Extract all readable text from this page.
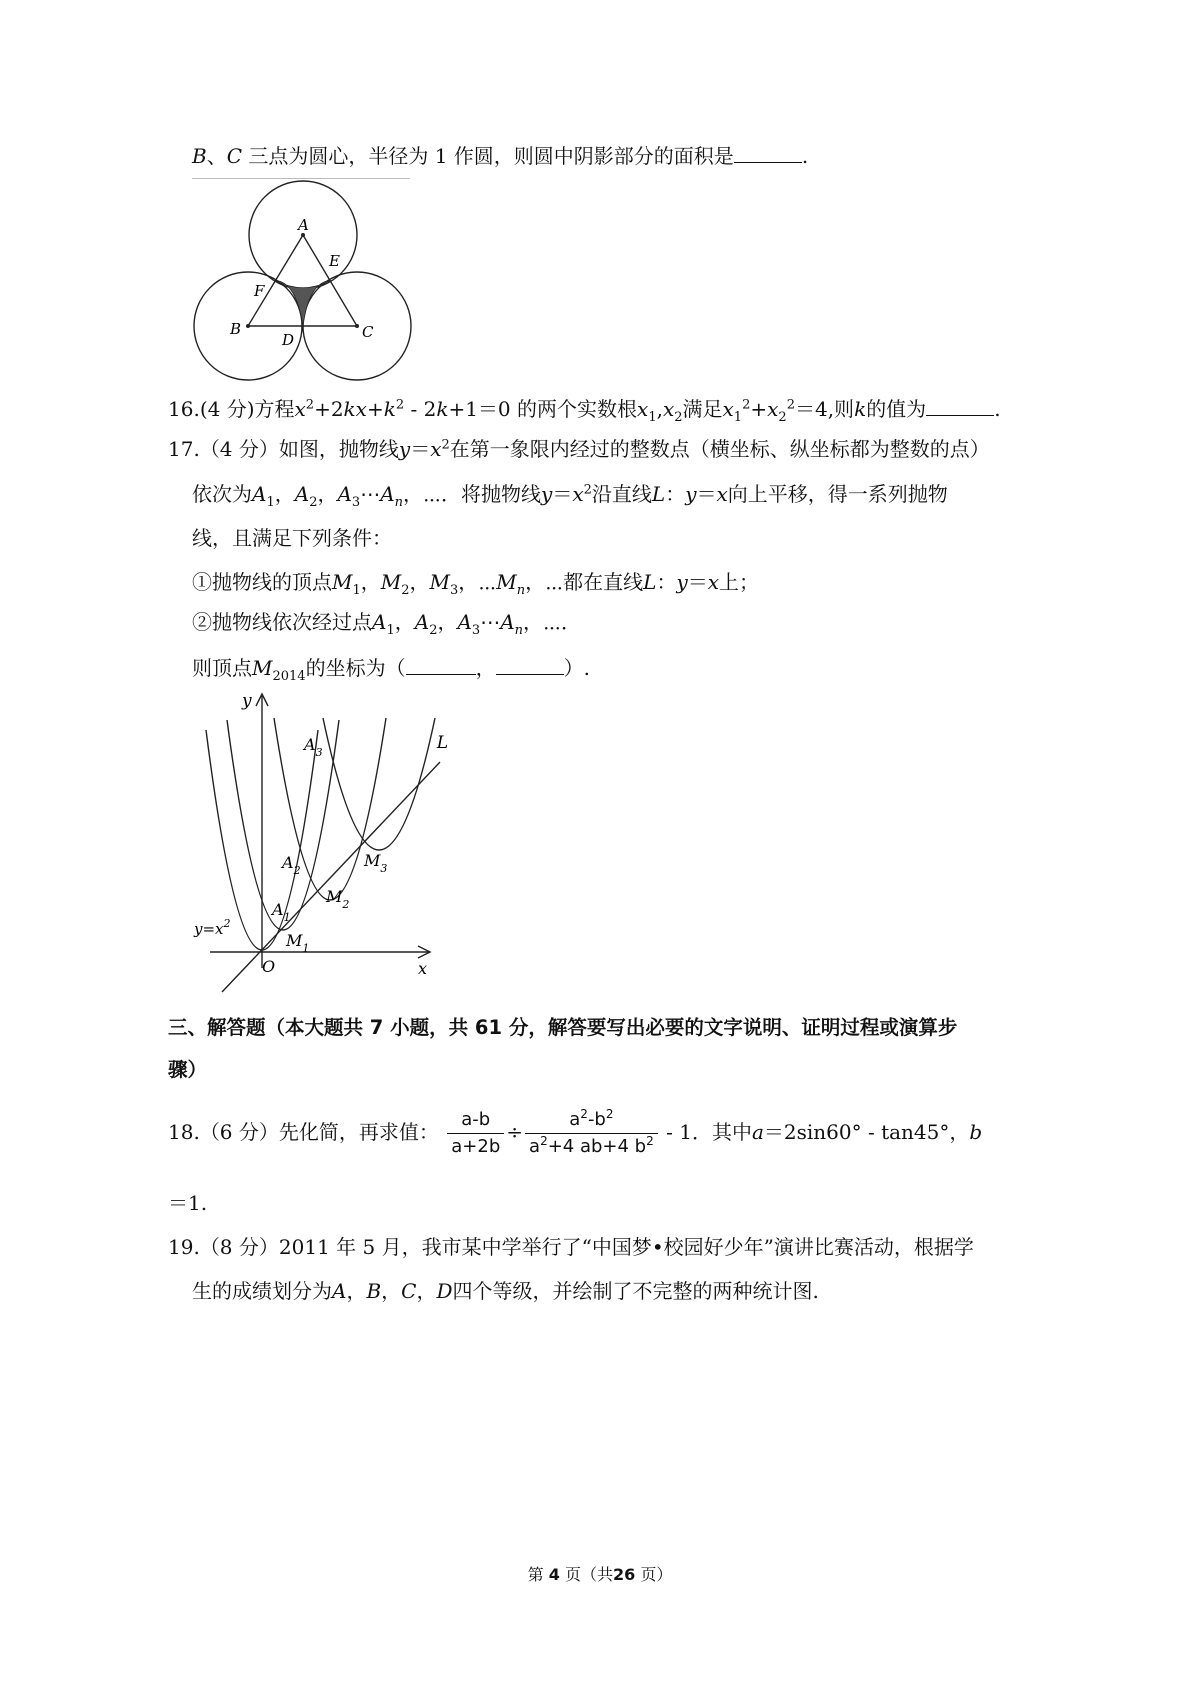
B、C 三点为圆心，半径为 1 作圆，则圆中阴影部分的面积是	.
A
E
F
B
D	C
16.(4 分)方程$x^2+2kx+k^2 - 2k+1=0$ 的两个实数根$x_1,x_2$满足$x_1^2+x_2^2=4$,则k的值为	.
17.（4 分）如图，抛物线$y=x^2$在第一象限内经过的整数点（横坐标、纵坐标都为整数的点）
依次为$A_1$，$A_2$，$A_3\cdots A_n$，⋯．将抛物线$y=x^2$沿直线L：y＝x向上平移，得一系列抛物
线，且满足下列条件：
①抛物线的顶点$M_1$，$M_2$，$M_3$，$\cdots M_n$，⋯都在直线L：y＝x上；
②抛物线依次经过点$A_1$，$A_2$，$A_3\cdots A_n$，⋯．
则顶点$M_{2014}$的坐标为（	，	）.
y
L
$A_3$
$M_3$
$A_2$
$M_2$
$A_1$
$y=x^2$
$M_1$
O	x
三、解答题（本大题共 7 小题，共 61 分，解答要写出必要的文字说明、证明过程或演算步
骤）
18.（6 分）先化简，再求值： $\frac{a-b}{a+2b} \div \frac{a^2-b^2}{a^2+4 ab+4 b^2} - 1$．其中a＝2sin60° - tan45°，b
＝1.
19.（8 分）2011 年 5 月，我市某中学举行了“中国梦•校园好少年”演讲比赛活动，根据学
生的成绩划分为A，B，C，D四个等级，并绘制了不完整的两种统计图.
第 4 页（共26 页）
